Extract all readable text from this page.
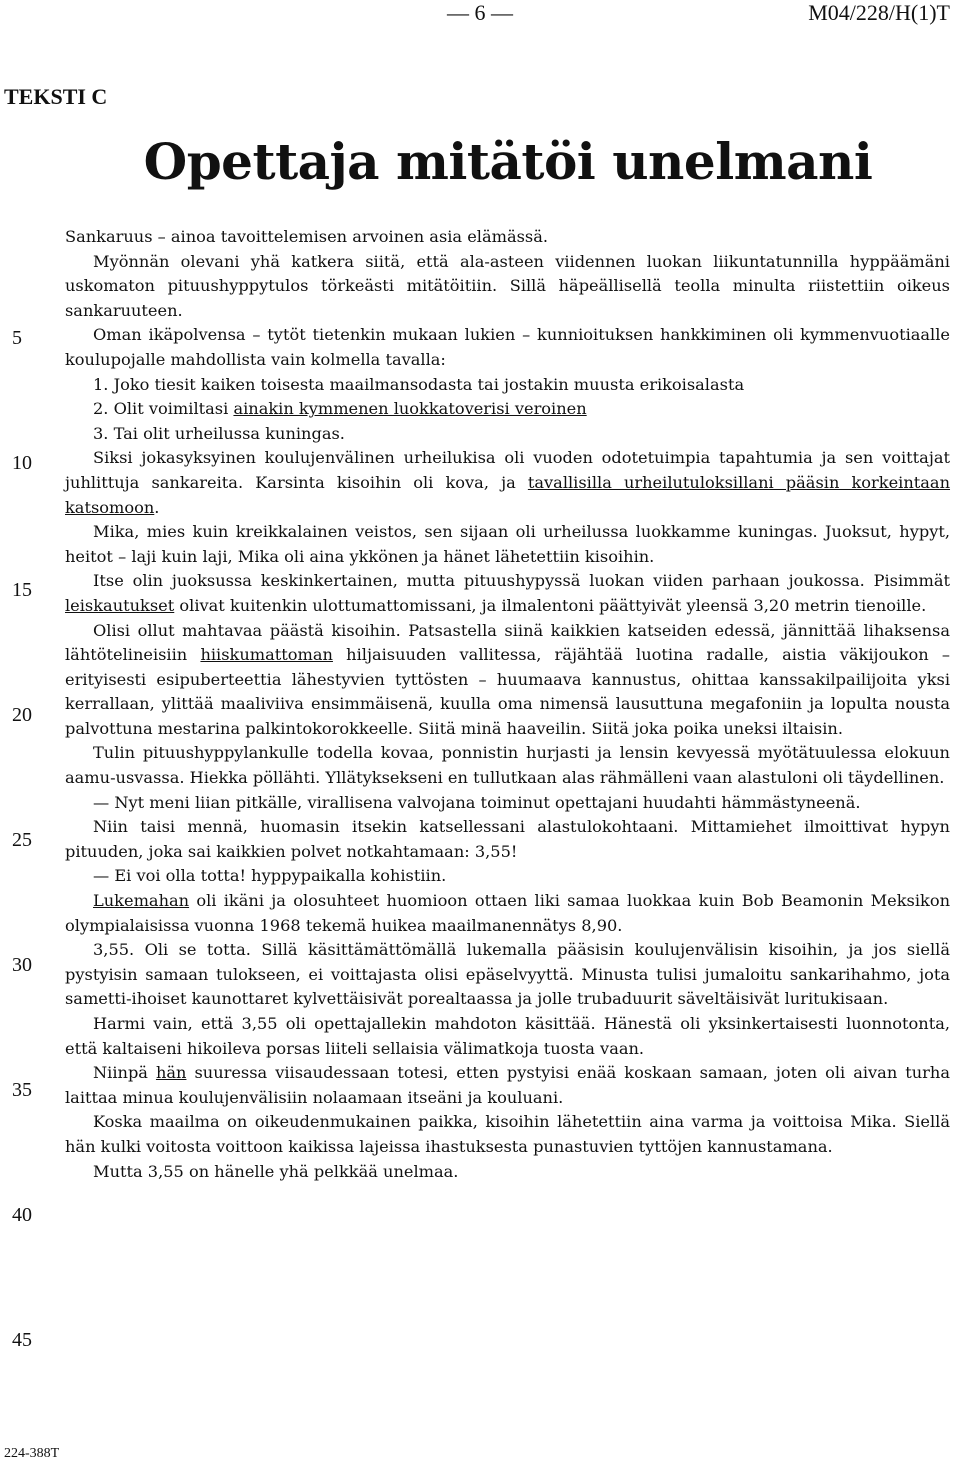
— 6 —	M04/228/H(1)T
TEKSTI C
Opettaja mitätöi unelmani
5
10
15
20
25
30
35
40
45
Sankaruus – ainoa tavoittelemisen arvoinen asia elämässä.
Myönnän olevani yhä katkera siitä, että ala-asteen viidennen luokan liikuntatunnilla hyppäämäni uskomaton pituushyppytulos törkeästi mitätöitiin. Sillä häpeällisellä teolla minulta riistettiin oikeus sankaruuteen.
Oman ikäpolvensa – tytöt tietenkin mukaan lukien – kunnioituksen hankkiminen oli kymmenvuotiaalle koulupojalle mahdollista vain kolmella tavalla:
1. Joko tiesit kaiken toisesta maailmansodasta tai jostakin muusta erikoisalasta
2. Olit voimiltasi ainakin kymmenen luokkatoverisi veroinen
3. Tai olit urheilussa kuningas.
Siksi jokasyksyinen koulujenvälinen urheilukisa oli vuoden odotetuimpia tapahtumia ja sen voittajat juhlittuja sankareita. Karsinta kisoihin oli kova, ja tavallisilla urheilutuloksillani pääsin korkeintaan katsomoon.
Mika, mies kuin kreikkalainen veistos, sen sijaan oli urheilussa luokkamme kuningas. Juoksut, hypyt, heitot – laji kuin laji, Mika oli aina ykkönen ja hänet lähetettiin kisoihin.
Itse olin juoksussa keskinkertainen, mutta pituushypyssä luokan viiden parhaan joukossa. Pisimmät leiskautukset olivat kuitenkin ulottumattomissani, ja ilmalentoni päättyivät yleensä 3,20 metrin tienoille.
Olisi ollut mahtavaa päästä kisoihin. Patsastella siinä kaikkien katseiden edessä, jännittää lihaksensa lähtötelineisiin hiiskumattoman hiljaisuuden vallitessa, räjähtää luotina radalle, aistia väkijoukon – erityisesti esipuberteettia lähestyvien tyttösten – huumaava kannustus, ohittaa kanssakilpailijoita yksi kerrallaan, ylittää maaliviiva ensimmäisenä, kuulla oma nimensä lausuttuna megafoniin ja lopulta nousta palvottuna mestarina palkintokorokkeelle. Siitä minä haaveilin. Siitä joka poika uneksi iltaisin.
Tulin pituushyppylankulle todella kovaa, ponnistin hurjasti ja lensin kevyessä myötätuulessa elokuun aamu-usvassa. Hiekka pöllähti. Yllätyksekseni en tullutkaan alas rähmälleni vaan alastuloni oli täydellinen.
— Nyt meni liian pitkälle, virallisena valvojana toiminut opettajani huudahti hämmästyneenä.
Niin taisi mennä, huomasin itsekin katsellessani alastulokohtaani. Mittamiehet ilmoittivat hypyn pituuden, joka sai kaikkien polvet notkahtamaan: 3,55!
— Ei voi olla totta! hyppypaikalla kohistiin.
Lukemahan oli ikäni ja olosuhteet huomioon ottaen liki samaa luokkaa kuin Bob Beamonin Meksikon olympialaisissa vuonna 1968 tekemä huikea maailmanennätys 8,90.
3,55. Oli se totta. Sillä käsittämättömällä lukemalla pääsisin koulujenvälisin kisoihin, ja jos siellä pystyisin samaan tulokseen, ei voittajasta olisi epäselvyyttä. Minusta tulisi jumaloitu sankarihahmo, jota sametti-ihoiset kaunottaret kylvettäisivät porealtaassa ja jolle trubaduurit säveltäisivät luritukisaan.
Harmi vain, että 3,55 oli opettajallekin mahdoton käsittää. Hänestä oli yksinkertaisesti luonnotonta, että kaltaiseni hikoileva porsas liiteli sellaisia välimatkoja tuosta vaan.
Niinpä hän suuressa viisaudessaan totesi, etten pystyisi enää koskaan samaan, joten oli aivan turha laittaa minua koulujenvälisiin nolaamaan itseäni ja kouluani.
Koska maailma on oikeudenmukainen paikka, kisoihin lähetettiin aina varma ja voittoisa Mika. Siellä hän kulki voitosta voittoon kaikissa lajeissa ihastuksesta punastuvien tyttöjen kannustamana.
Mutta 3,55 on hänelle yhä pelkkää unelmaa.
224-388T
